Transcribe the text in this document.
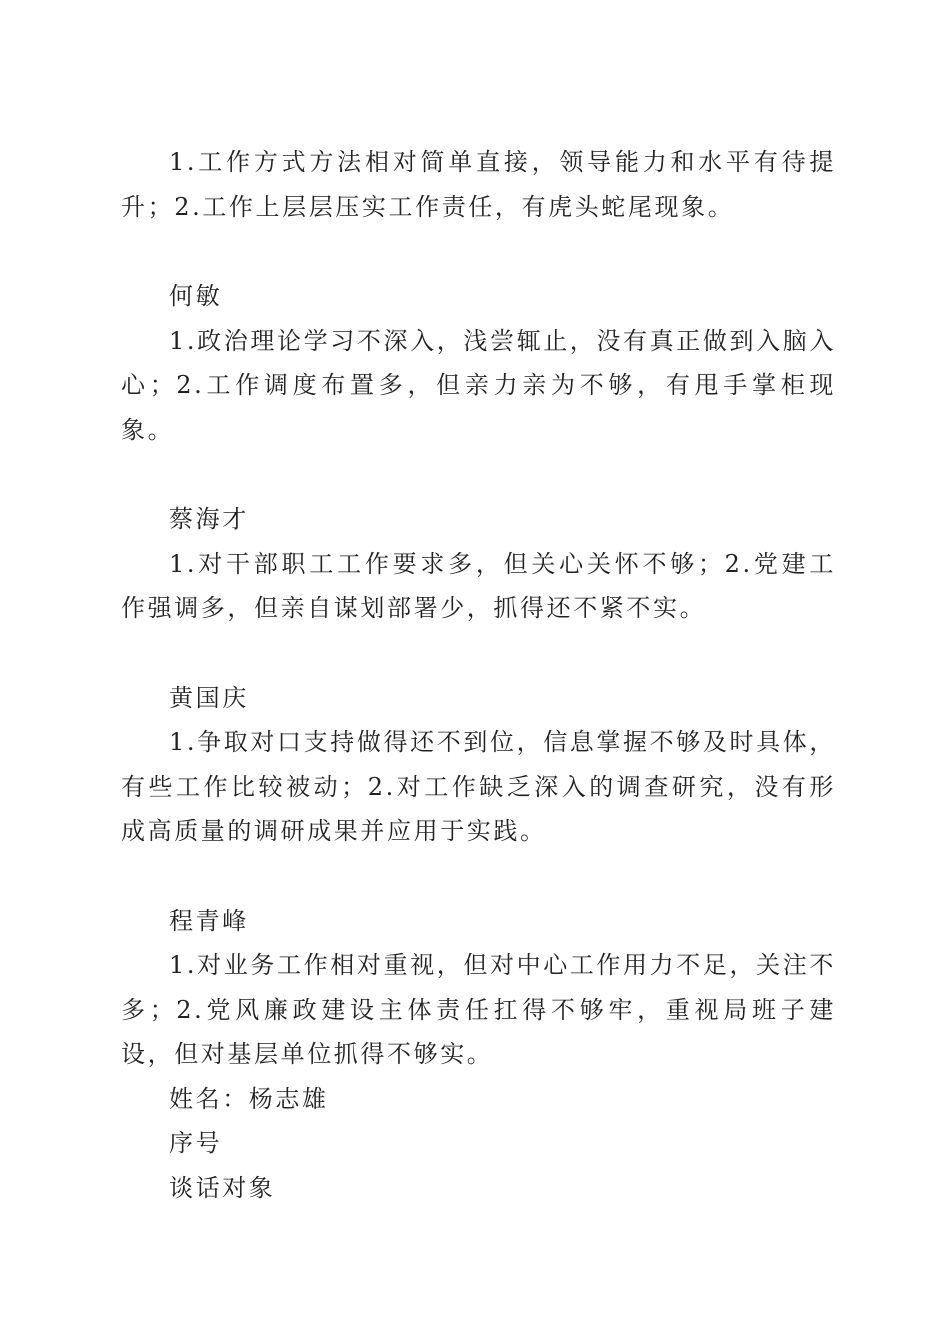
1.工作方式方法相对简单直接，领导能力和水平有待提升；2.工作上层层压实工作责任，有虎头蛇尾现象。

何敏

1.政治理论学习不深入，浅尝辄止，没有真正做到入脑入心；2.工作调度布置多，但亲力亲为不够，有甩手掌柜现象。

蔡海才

1.对干部职工工作要求多，但关心关怀不够；2.党建工作强调多，但亲自谋划部署少，抓得还不紧不实。

黄国庆

1.争取对口支持做得还不到位，信息掌握不够及时具体，有些工作比较被动；2.对工作缺乏深入的调查研究，没有形成高质量的调研成果并应用于实践。

程青峰

1.对业务工作相对重视，但对中心工作用力不足，关注不多；2.党风廉政建设主体责任扛得不够牢，重视局班子建设，但对基层单位抓得不够实。

姓名：杨志雄

序号

谈话对象
